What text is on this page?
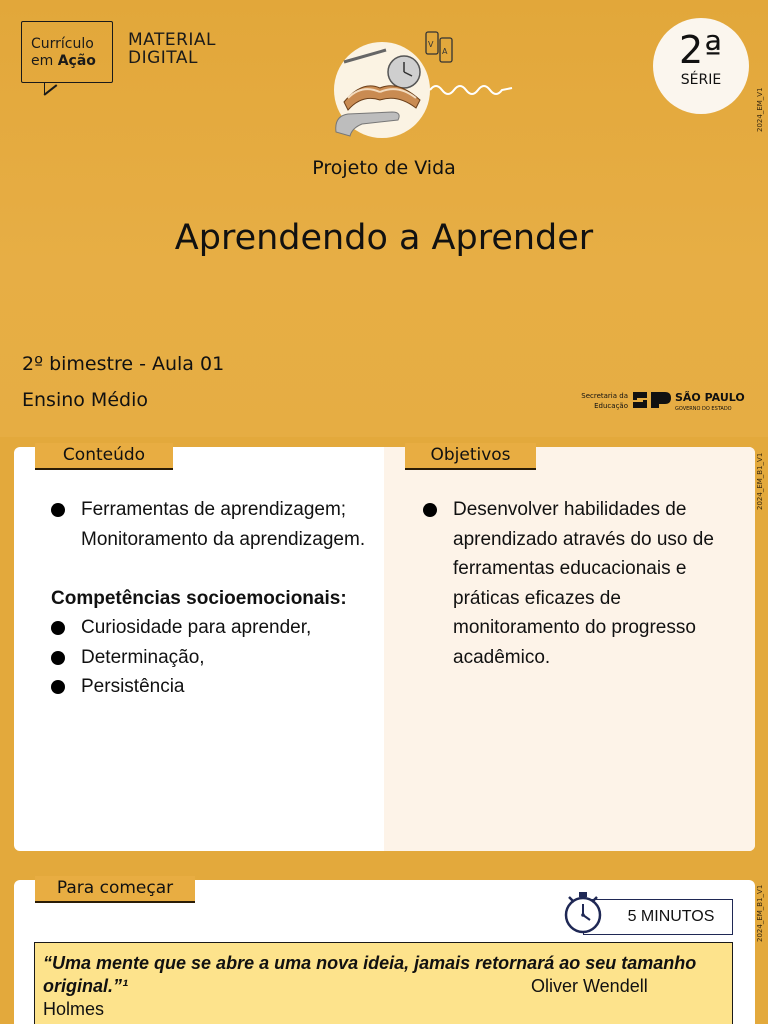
Currículo
em Ação
MATERIAL
DIGITAL
V
A	2ª
SÉRIE
2024_EM_V1
Projeto de Vida
Aprendendo a Aprender
2º bimestre - Aula 01
Ensino Médio	Secretaria da
Educação
SÃO PAULO
GOVERNO DO ESTADO
Ferramentas de aprendizagem; Monitoramento da aprendizagem.
Competências socioemocionais:
Curiosidade para aprender,
Determinação,
Persistência
Desenvolver habilidades de aprendizado através do uso de ferramentas educacionais e práticas eficazes de monitoramento do progresso acadêmico.
Conteúdo	Objetivos	2024_EM_B1_V1
Para começar
5 MINUTOS	2024_EM_B1_V1
“Uma mente que se abre a uma nova ideia, jamais retornará ao seu tamanho original.”¹	Oliver Wendell
Holmes
